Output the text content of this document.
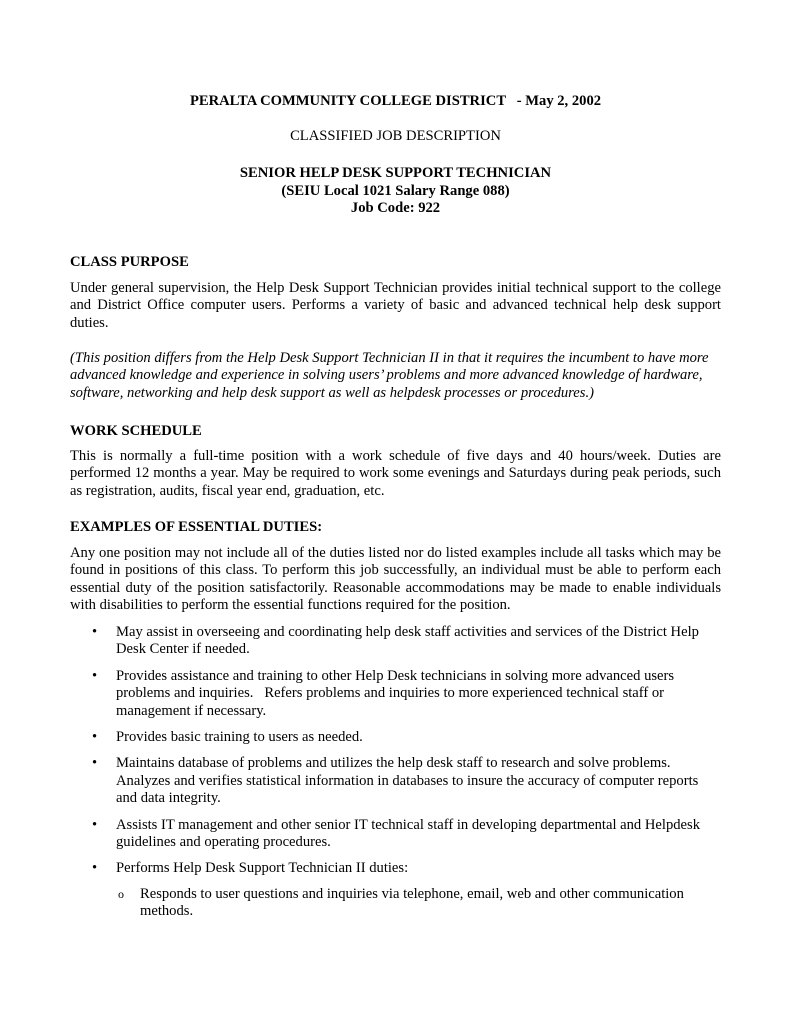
PERALTA COMMUNITY COLLEGE DISTRICT   - May 2, 2002
CLASSIFIED JOB DESCRIPTION
SENIOR HELP DESK SUPPORT TECHNICIAN
(SEIU Local 1021 Salary Range 088)
Job Code: 922
CLASS PURPOSE
Under general supervision, the Help Desk Support Technician provides initial technical support to the college and District Office computer users. Performs a variety of basic and advanced technical help desk support duties.
(This position differs from the Help Desk Support Technician II in that it requires the incumbent to have more advanced knowledge and experience in solving users’ problems and more advanced knowledge of hardware, software, networking and help desk support as well as helpdesk processes or procedures.)
WORK SCHEDULE
This is normally a full-time position with a work schedule of five days and 40 hours/week. Duties are performed 12 months a year. May be required to work some evenings and Saturdays during peak periods, such as registration, audits, fiscal year end, graduation, etc.
EXAMPLES OF ESSENTIAL DUTIES:
Any one position may not include all of the duties listed nor do listed examples include all tasks which may be found in positions of this class. To perform this job successfully, an individual must be able to perform each essential duty of the position satisfactorily. Reasonable accommodations may be made to enable individuals with disabilities to perform the essential functions required for the position.
• May assist in overseeing and coordinating help desk staff activities and services of the District Help Desk Center if needed.
• Provides assistance and training to other Help Desk technicians in solving more advanced users problems and inquiries.   Refers problems and inquiries to more experienced technical staff or management if necessary.
• Provides basic training to users as needed.
• Maintains database of problems and utilizes the help desk staff to research and solve problems. Analyzes and verifies statistical information in databases to insure the accuracy of computer reports and data integrity.
• Assists IT management and other senior IT technical staff in developing departmental and Helpdesk guidelines and operating procedures.
• Performs Help Desk Support Technician II duties:
o Responds to user questions and inquiries via telephone, email, web and other communication methods.
